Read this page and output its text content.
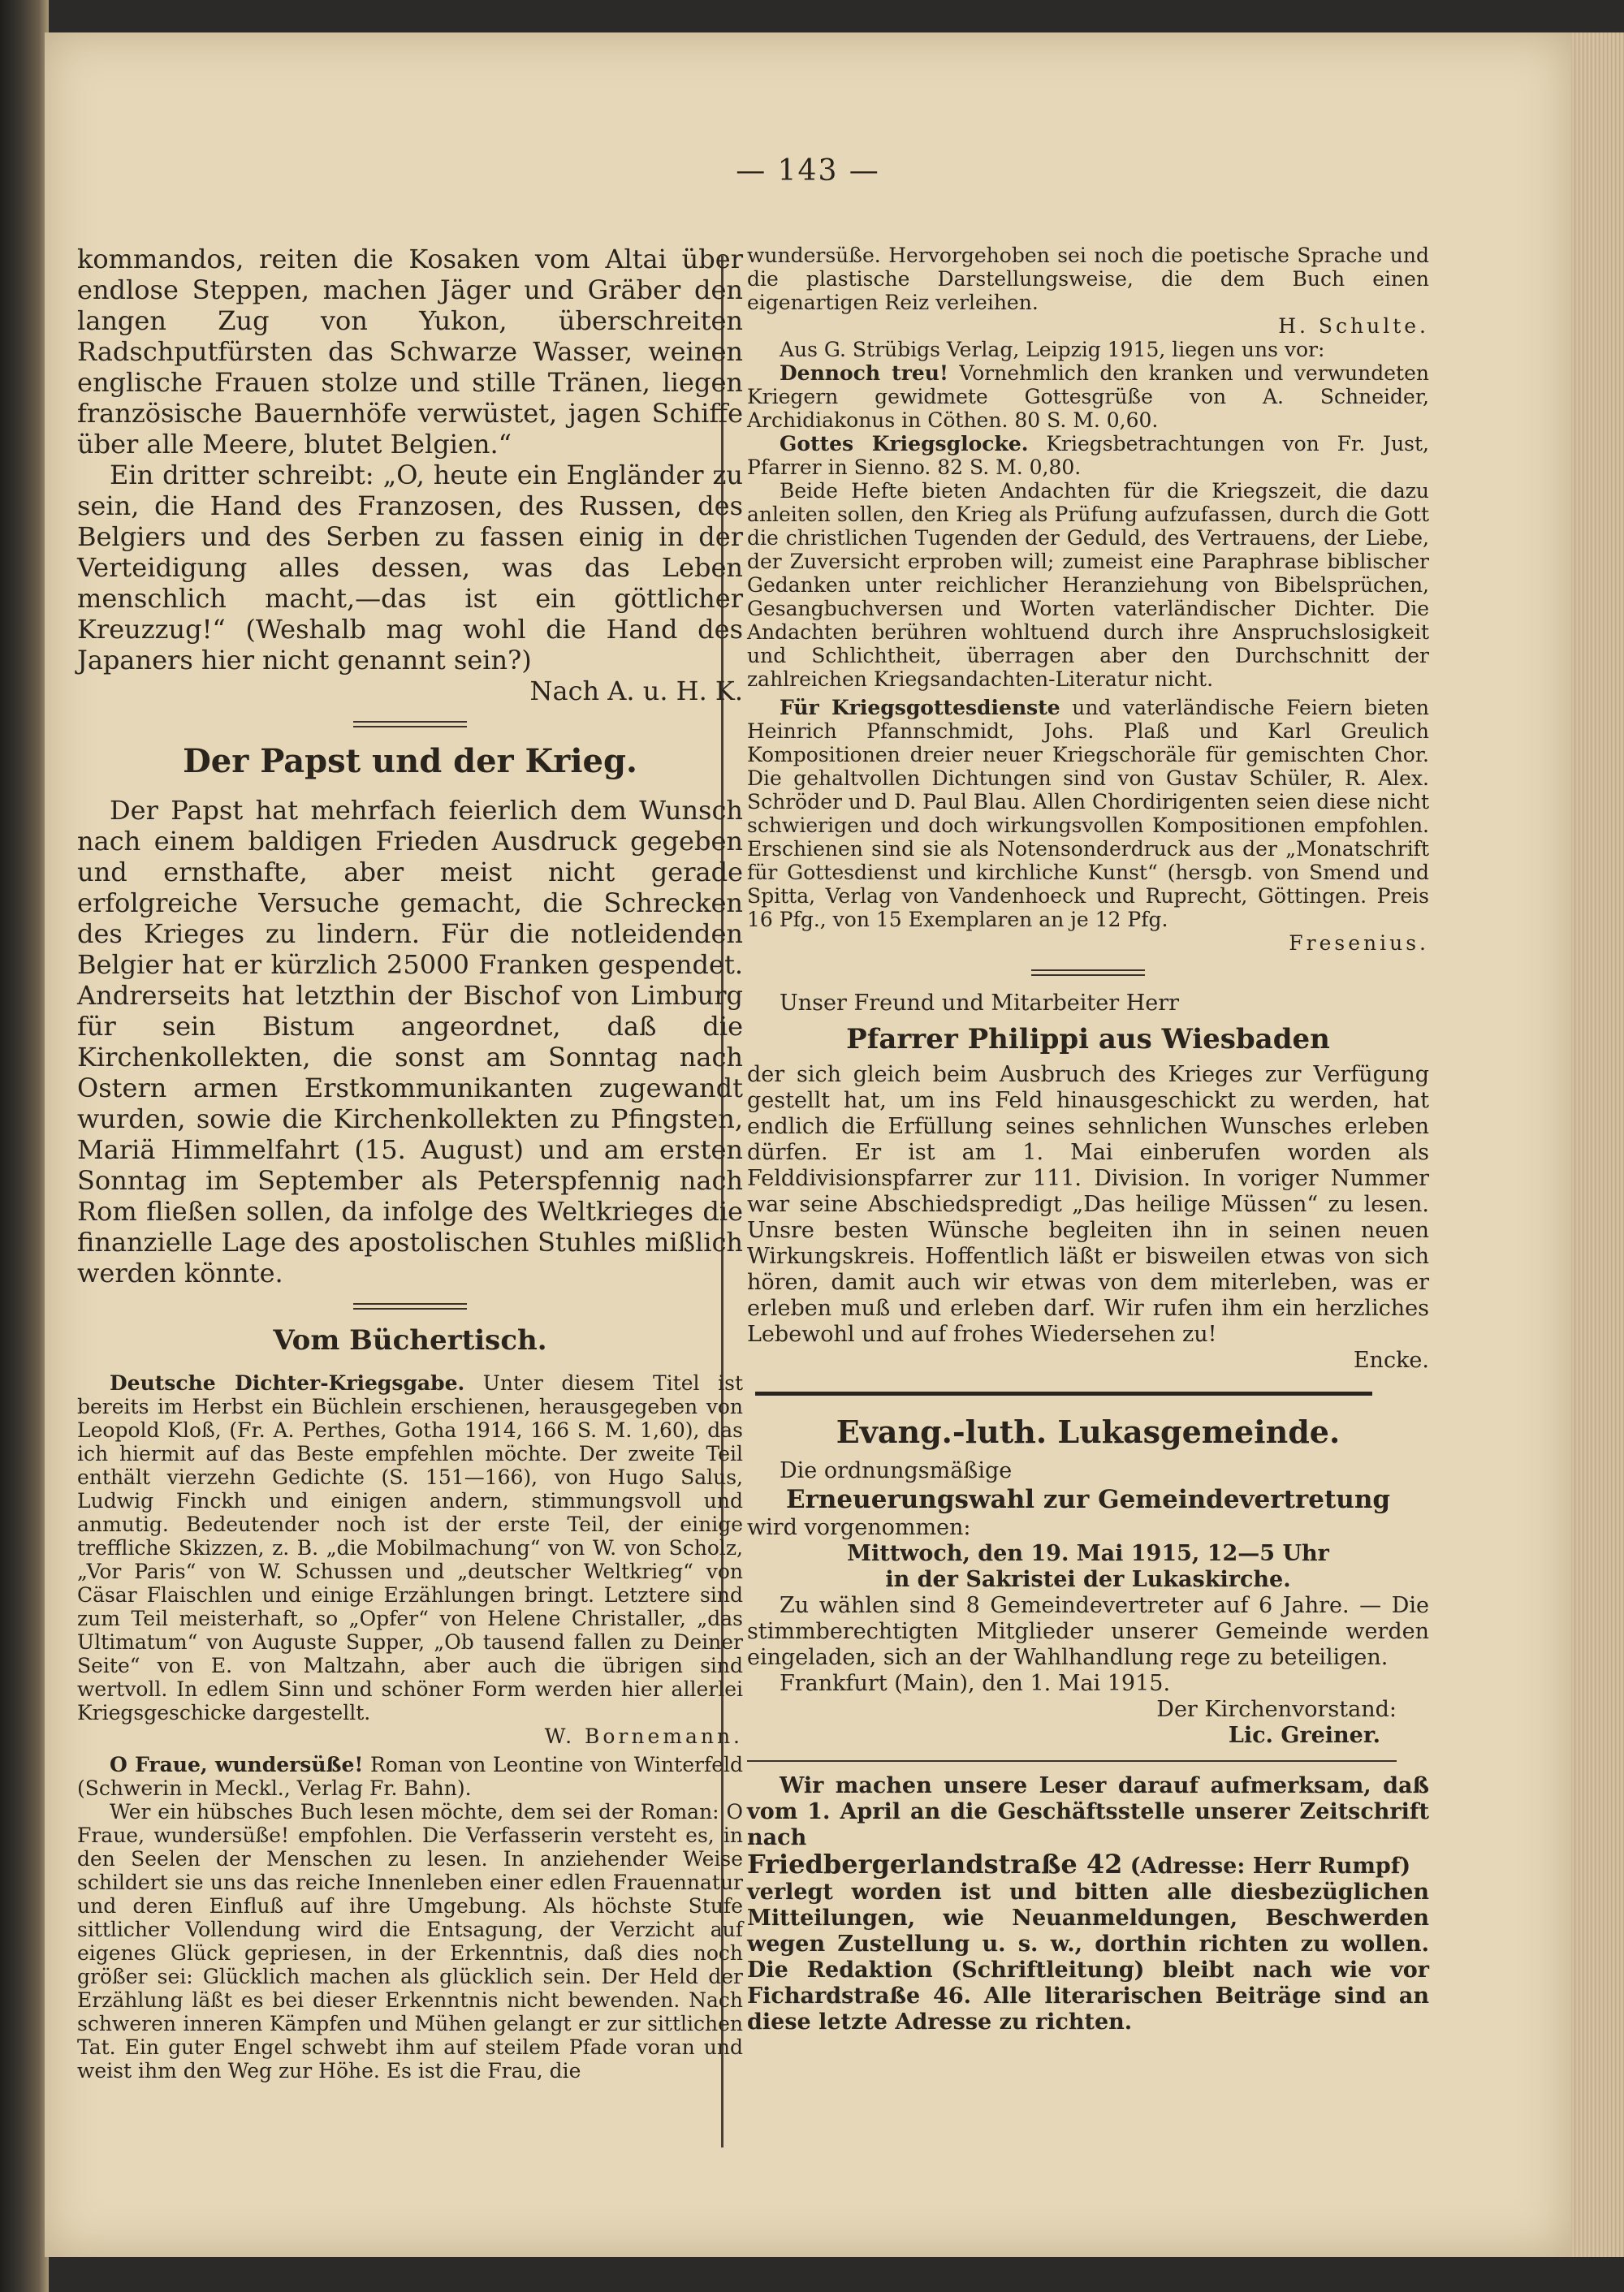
— 143 —

kommandos, reiten die Kosaken vom Altai über endlose Steppen, machen Jäger und Gräber den langen Zug von Yukon, überschreiten Radschputfürsten das Schwarze Wasser, weinen englische Frauen stolze und stille Tränen, liegen französische Bauernhöfe verwüstet, jagen Schiffe über alle Meere, blutet Belgien.“

Ein dritter schreibt: „O, heute ein Engländer zu sein, die Hand des Franzosen, des Russen, des Belgiers und des Serben zu fassen einig in der Verteidigung alles dessen, was das Leben menschlich macht,—das ist ein göttlicher Kreuzzug!“ (Weshalb mag wohl die Hand des Japaners hier nicht genannt sein?)

Nach A. u. H. K.

Der Papst und der Krieg.

Der Papst hat mehrfach feierlich dem Wunsch nach einem baldigen Frieden Ausdruck gegeben und ernsthafte, aber meist nicht gerade erfolgreiche Versuche gemacht, die Schrecken des Krieges zu lindern. Für die notleidenden Belgier hat er kürzlich 25000 Franken gespendet. Andrerseits hat letzthin der Bischof von Limburg für sein Bistum angeordnet, daß die Kirchenkollekten, die sonst am Sonntag nach Ostern armen Erstkommunikanten zugewandt wurden, sowie die Kirchenkollekten zu Pfingsten, Mariä Himmelfahrt (15. August) und am ersten Sonntag im September als Peterspfennig nach Rom fließen sollen, da infolge des Weltkrieges die finanzielle Lage des apostolischen Stuhles mißlich werden könnte.

Vom Büchertisch.

Deutsche Dichter-Kriegsgabe. Unter diesem Titel ist bereits im Herbst ein Büchlein erschienen, herausgegeben von Leopold Kloß, (Fr. A. Perthes, Gotha 1914, 166 S. M. 1,60), das ich hiermit auf das Beste empfehlen möchte. Der zweite Teil enthält vierzehn Gedichte (S. 151—166), von Hugo Salus, Ludwig Finckh und einigen andern, stimmungsvoll und anmutig. Bedeutender noch ist der erste Teil, der einige treffliche Skizzen, z. B. „die Mobilmachung“ von W. von Scholz, „Vor Paris“ von W. Schussen und „deutscher Weltkrieg“ von Cäsar Flaischlen und einige Erzählungen bringt. Letztere sind zum Teil meisterhaft, so „Opfer“ von Helene Christaller, „das Ultimatum“ von Auguste Supper, „Ob tausend fallen zu Deiner Seite“ von E. von Maltzahn, aber auch die übrigen sind wertvoll. In edlem Sinn und schöner Form werden hier allerlei Kriegsgeschicke dargestellt.

W. Bornemann.

O Fraue, wundersüße! Roman von Leontine von Winterfeld (Schwerin in Meckl., Verlag Fr. Bahn).

Wer ein hübsches Buch lesen möchte, dem sei der Roman: O Fraue, wundersüße! empfohlen. Die Verfasserin versteht es, in den Seelen der Menschen zu lesen. In anziehender Weise schildert sie uns das reiche Innenleben einer edlen Frauennatur und deren Einfluß auf ihre Umgebung. Als höchste Stufe sittlicher Vollendung wird die Entsagung, der Verzicht auf eigenes Glück gepriesen, in der Erkenntnis, daß dies noch größer sei: Glücklich machen als glücklich sein. Der Held der Erzählung läßt es bei dieser Erkenntnis nicht bewenden. Nach schweren inneren Kämpfen und Mühen gelangt er zur sittlichen Tat. Ein guter Engel schwebt ihm auf steilem Pfade voran und weist ihm den Weg zur Höhe. Es ist die Frau, die

wundersüße. Hervorgehoben sei noch die poetische Sprache und die plastische Darstellungsweise, die dem Buch einen eigenartigen Reiz verleihen.

H. Schulte.

Aus G. Strübigs Verlag, Leipzig 1915, liegen uns vor:

Dennoch treu! Vornehmlich den kranken und verwundeten Kriegern gewidmete Gottesgrüße von A. Schneider, Archidiakonus in Cöthen. 80 S. M. 0,60.

Gottes Kriegsglocke. Kriegsbetrachtungen von Fr. Just, Pfarrer in Sienno. 82 S. M. 0,80.

Beide Hefte bieten Andachten für die Kriegszeit, die dazu anleiten sollen, den Krieg als Prüfung aufzufassen, durch die Gott die christlichen Tugenden der Geduld, des Vertrauens, der Liebe, der Zuversicht erproben will; zumeist eine Paraphrase biblischer Gedanken unter reichlicher Heranziehung von Bibelsprüchen, Gesangbuchversen und Worten vaterländischer Dichter. Die Andachten berühren wohltuend durch ihre Anspruchslosigkeit und Schlichtheit, überragen aber den Durchschnitt der zahlreichen Kriegsandachten-Literatur nicht.

Für Kriegsgottesdienste und vaterländische Feiern bieten Heinrich Pfannschmidt, Johs. Plaß und Karl Greulich Kompositionen dreier neuer Kriegschoräle für gemischten Chor. Die gehaltvollen Dichtungen sind von Gustav Schüler, R. Alex. Schröder und D. Paul Blau. Allen Chordirigenten seien diese nicht schwierigen und doch wirkungsvollen Kompositionen empfohlen. Erschienen sind sie als Notensonderdruck aus der „Monatschrift für Gottesdienst und kirchliche Kunst“ (hersgb. von Smend und Spitta, Verlag von Vandenhoeck und Ruprecht, Göttingen. Preis 16 Pfg., von 15 Exemplaren an je 12 Pfg.

Fresenius.

Unser Freund und Mitarbeiter Herr

Pfarrer Philippi aus Wiesbaden

der sich gleich beim Ausbruch des Krieges zur Verfügung gestellt hat, um ins Feld hinausgeschickt zu werden, hat endlich die Erfüllung seines sehnlichen Wunsches erleben dürfen. Er ist am 1. Mai einberufen worden als Felddivisionspfarrer zur 111. Division. In voriger Nummer war seine Abschiedspredigt „Das heilige Müssen“ zu lesen. Unsre besten Wünsche begleiten ihn in seinen neuen Wirkungskreis. Hoffentlich läßt er bisweilen etwas von sich hören, damit auch wir etwas von dem miterleben, was er erleben muß und erleben darf. Wir rufen ihm ein herzliches Lebewohl und auf frohes Wiedersehen zu!

Encke.

Evang.-luth. Lukasgemeinde.

Die ordnungsmäßige

Erneuerungswahl zur Gemeindevertretung

wird vorgenommen:

Mittwoch, den 19. Mai 1915, 12—5 Uhr

in der Sakristei der Lukaskirche.

Zu wählen sind 8 Gemeindevertreter auf 6 Jahre. — Die stimmberechtigten Mitglieder unserer Gemeinde werden eingeladen, sich an der Wahlhandlung rege zu beteiligen.

Frankfurt (Main), den 1. Mai 1915.

Der Kirchenvorstand:

Lic. Greiner.

Wir machen unsere Leser darauf aufmerksam, daß vom 1. April an die Geschäftsstelle unserer Zeitschrift nach

Friedbergerlandstraße 42 (Adresse: Herr Rumpf)

verlegt worden ist und bitten alle diesbezüglichen Mitteilungen, wie Neuanmeldungen, Beschwerden wegen Zustellung u. s. w., dorthin richten zu wollen. Die Redaktion (Schriftleitung) bleibt nach wie vor Fichardstraße 46. Alle literarischen Beiträge sind an diese letzte Adresse zu richten.
